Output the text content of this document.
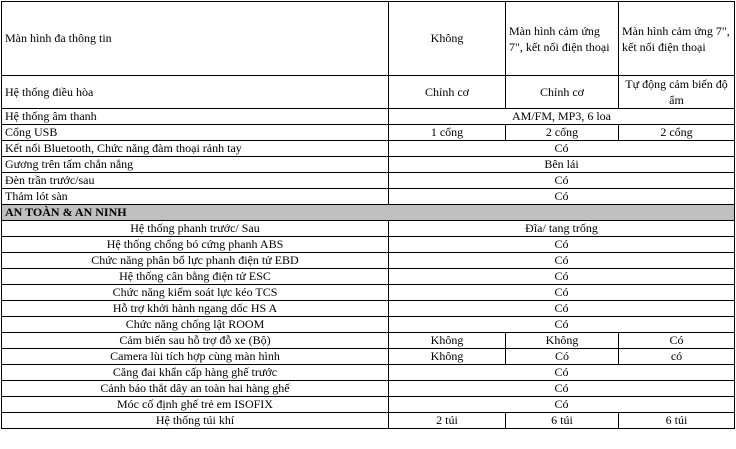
Màn hình đa thông tin	Không	Màn hình cảm ứng 7", kết nối điện thoại	Màn hình cảm ứng 7", kết nối điện thoại
Hệ thống điều hòa	Chỉnh cơ	Chỉnh cơ	Tự động cảm biến độ ẩm
Hệ thống âm thanh	AM/FM, MP3, 6 loa		
Cổng USB	1 cổng	2 cổng	2 cổng
Kết nối Bluetooth, Chức năng đàm thoại rảnh tay	Có		
Gương trên tấm chắn nắng	Bên lái		
Đèn trần trước/sau	Có		
Thảm lót sàn	Có		
AN TOÀN & AN NINH			
Hệ thống phanh trước/ Sau	Đĩa/ tang trống		
Hệ thống chống bó cứng phanh ABS	Có		
Chức năng phân bổ lực phanh điện tử EBD	Có		
Hệ thống cân bằng điện tử ESC	Có		
Chức năng kiểm soát lực kéo TCS	Có		
Hỗ trợ khởi hành ngang dốc HS A	Có		
Chức năng chống lật ROOM	Có		
Cảm biến sau hỗ trợ đỗ xe (Bộ)	Không	Không	Có
Camera lùi tích hợp cùng màn hình	Không	Có	có
Căng đai khẩn cấp hàng ghế trước	Có		
Cảnh báo thắt dây an toàn hai hàng ghế	Có		
Móc cố định ghế trẻ em ISOFIX	Có		
Hệ thống túi khí	2 túi	6 túi	6 túi
